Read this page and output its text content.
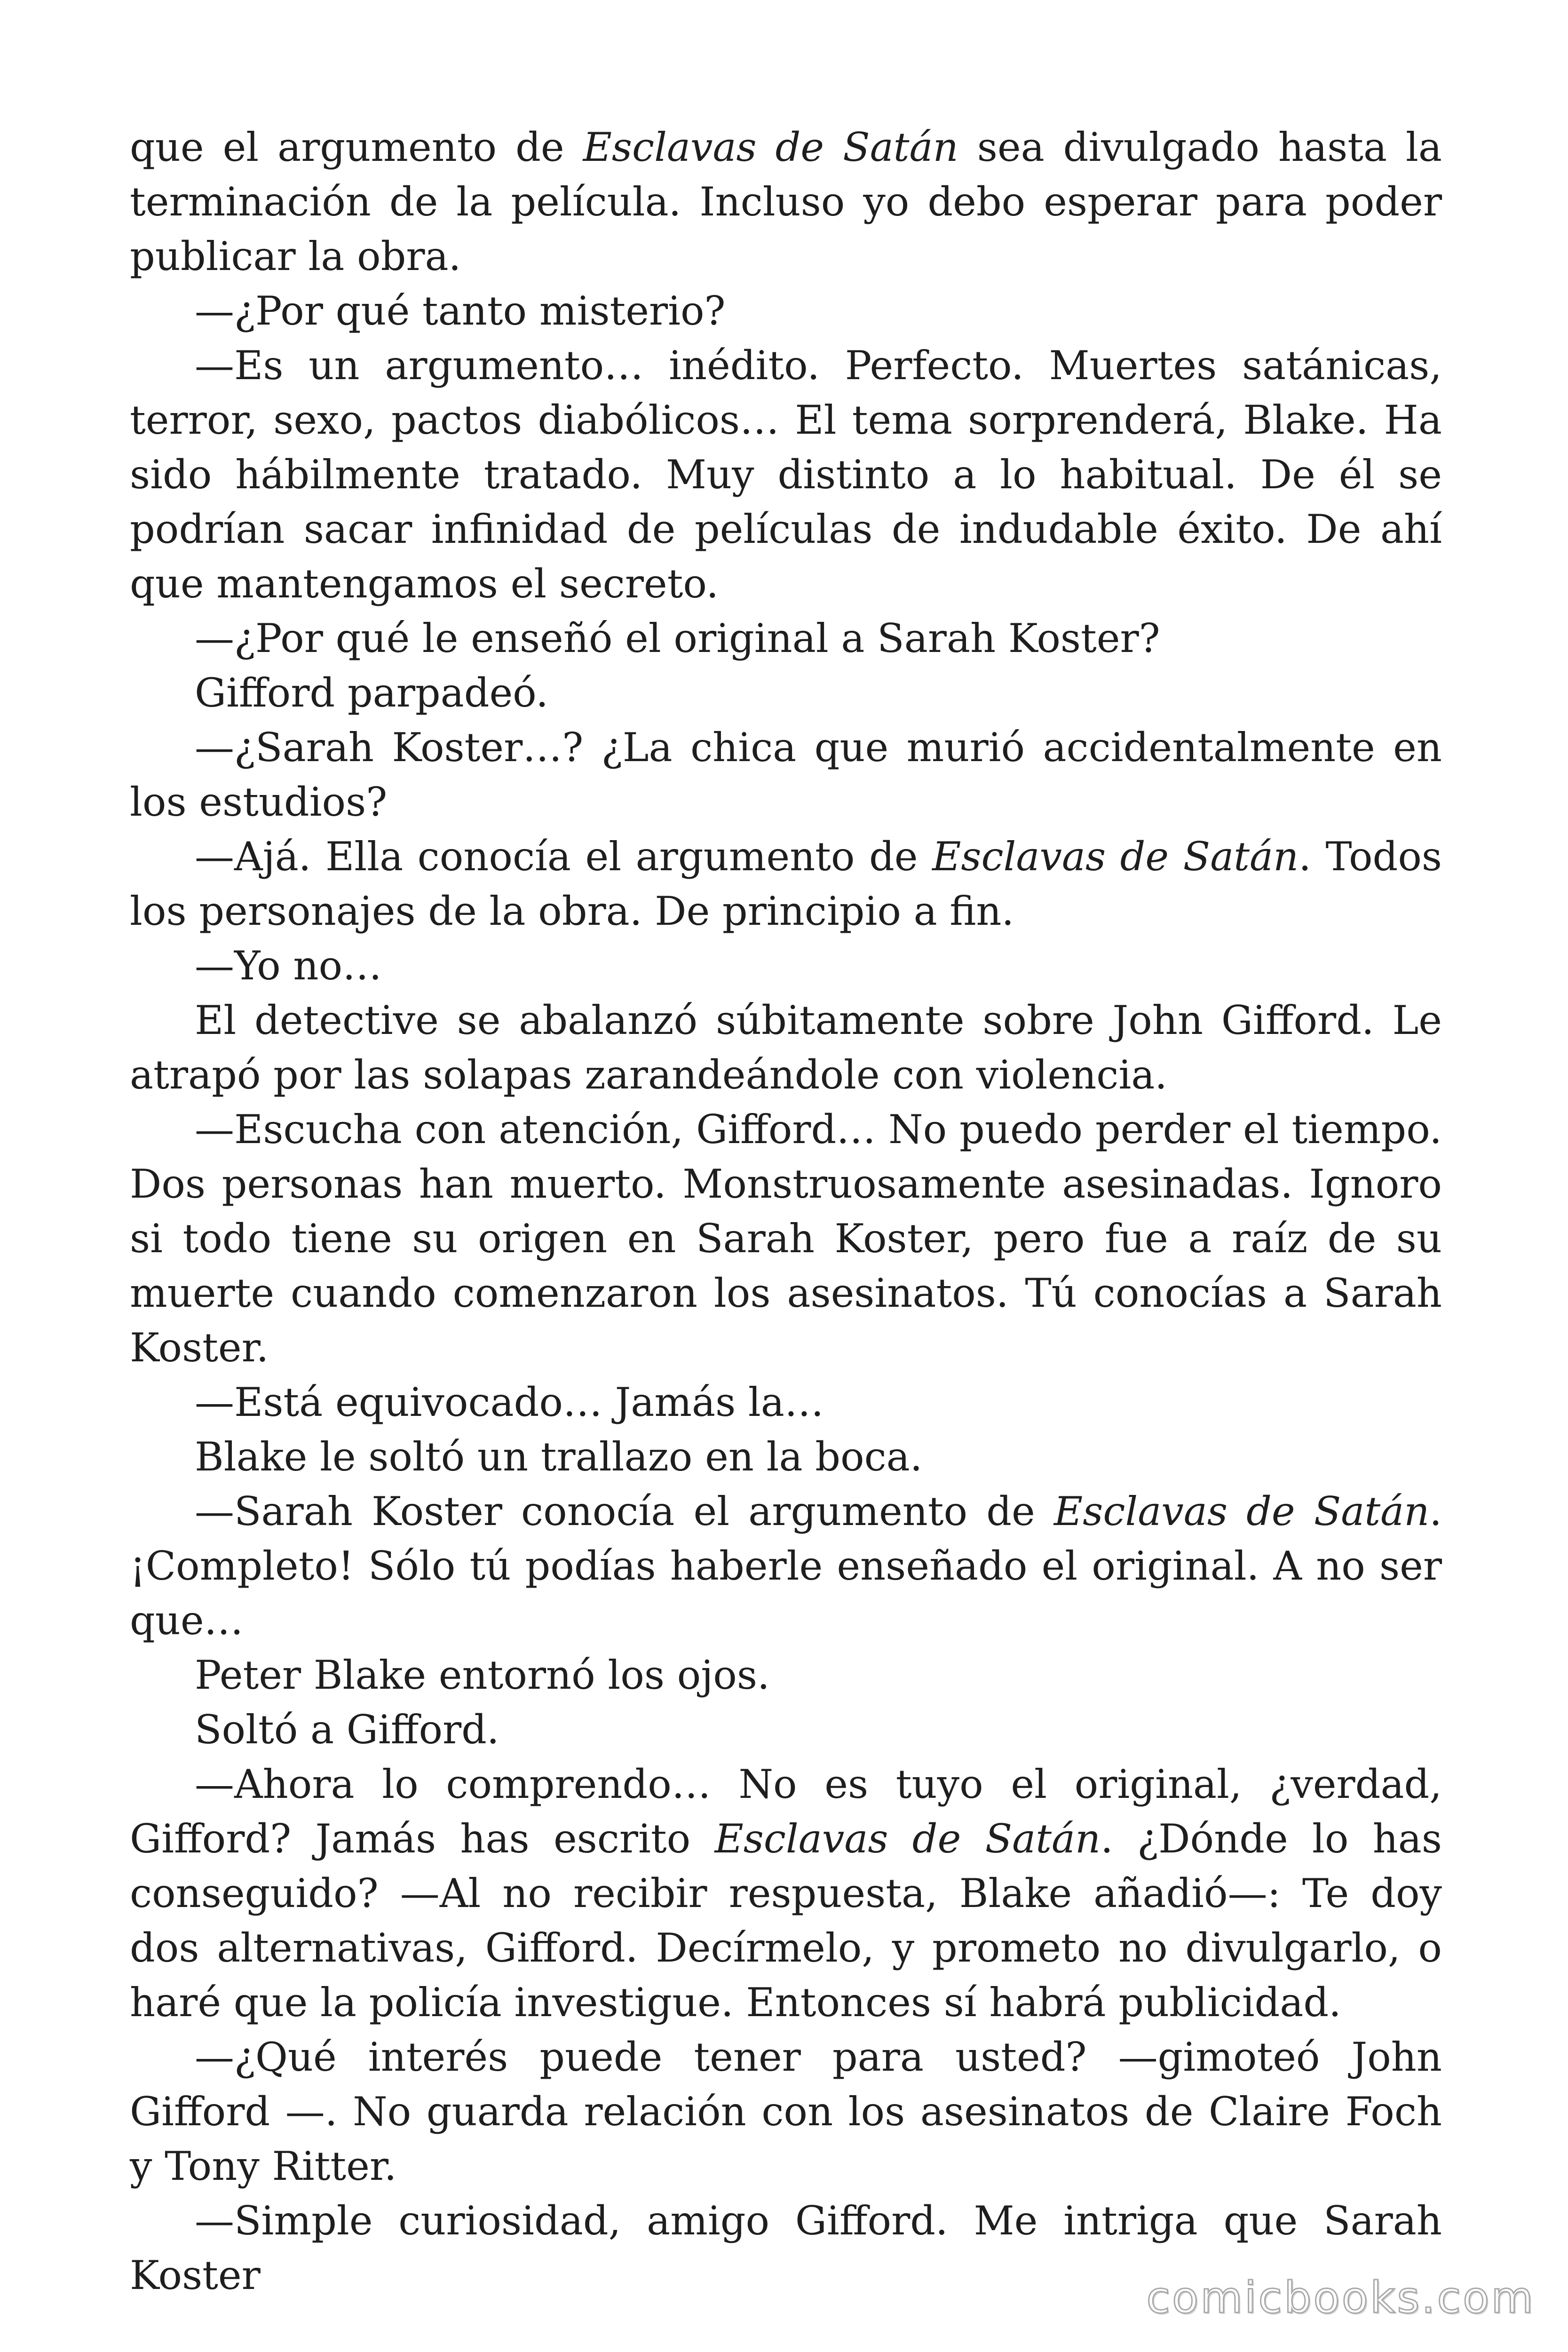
que el argumento de Esclavas de Satán sea divulgado hasta la terminación de la película. Incluso yo debo esperar para poder publicar la obra.

—¿Por qué tanto misterio?

—Es un argumento… inédito. Perfecto. Muertes satánicas, terror, sexo, pactos diabólicos… El tema sorprenderá, Blake. Ha sido hábilmente tratado. Muy distinto a lo habitual. De él se podrían sacar infinidad de películas de indudable éxito. De ahí que mantengamos el secreto.

—¿Por qué le enseñó el original a Sarah Koster?

Gifford parpadeó.

—¿Sarah Koster…? ¿La chica que murió accidentalmente en los estudios?

—Ajá. Ella conocía el argumento de Esclavas de Satán. Todos los personajes de la obra. De principio a fin.

—Yo no…

El detective se abalanzó súbitamente sobre John Gifford. Le atrapó por las solapas zarandeándole con violencia.

—Escucha con atención, Gifford… No puedo perder el tiempo. Dos personas han muerto. Monstruosamente asesinadas. Ignoro si todo tiene su origen en Sarah Koster, pero fue a raíz de su muerte cuando comenzaron los asesinatos. Tú conocías a Sarah Koster.

—Está equivocado… Jamás la…

Blake le soltó un trallazo en la boca.

—Sarah Koster conocía el argumento de Esclavas de Satán. ¡Completo! Sólo tú podías haberle enseñado el original. A no ser que…

Peter Blake entornó los ojos.

Soltó a Gifford.

—Ahora lo comprendo… No es tuyo el original, ¿verdad, Gifford? Jamás has escrito Esclavas de Satán. ¿Dónde lo has conseguido? —Al no recibir respuesta, Blake añadió—: Te doy dos alternativas, Gifford. Decírmelo, y prometo no divulgarlo, o haré que la policía investigue. Entonces sí habrá publicidad.

—¿Qué interés puede tener para usted? —gimoteó John Gifford —. No guarda relación con los asesinatos de Claire Foch y Tony Ritter.

—Simple curiosidad, amigo Gifford. Me intriga que Sarah Koster	comicbooks.com
